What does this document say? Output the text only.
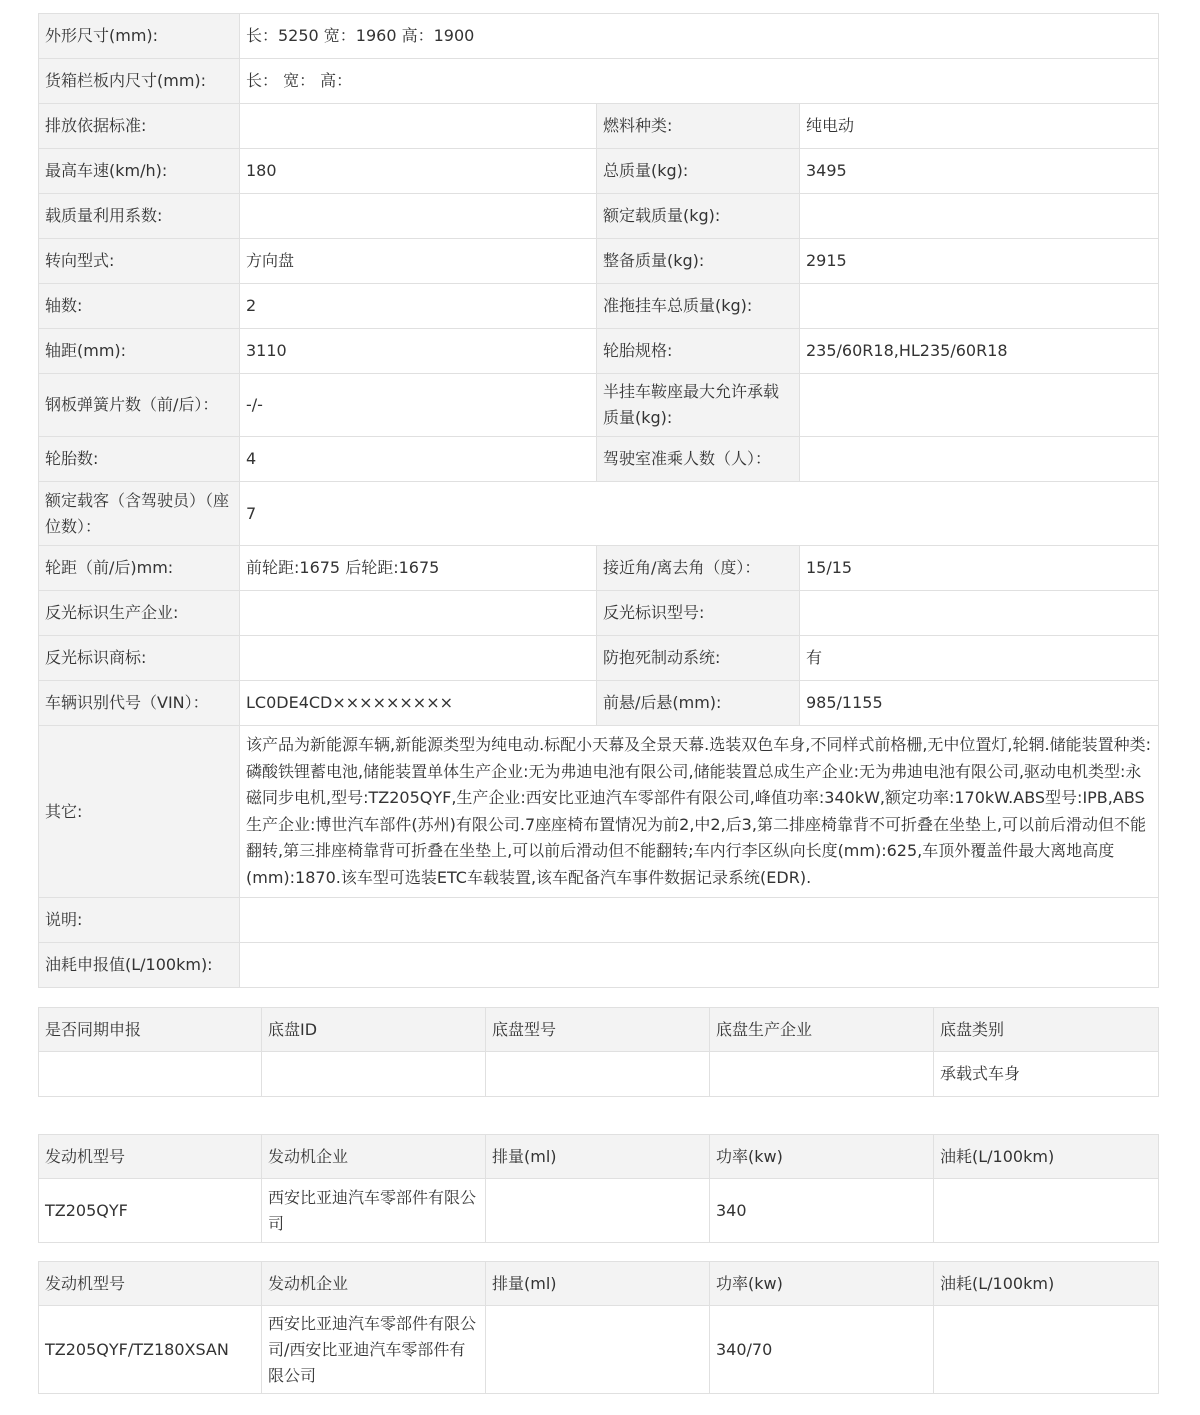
外形尺寸(mm):	长：5250 宽：1960 高：1900		
货箱栏板内尺寸(mm):	长： 宽： 高：		
排放依据标准:		燃料种类:	纯电动
最高车速(km/h):	180	总质量(kg):	3495
载质量利用系数:		额定载质量(kg):	
转向型式:	方向盘	整备质量(kg):	2915
轴数:	2	准拖挂车总质量(kg):	
轴距(mm):	3110	轮胎规格:	235/60R18,HL235/60R18
钢板弹簧片数（前/后）：	-/-	半挂车鞍座最大允许承载质量(kg):	
轮胎数:	4	驾驶室准乘人数（人）：	
额定载客（含驾驶员）（座位数）：	7		
轮距（前/后)mm:	前轮距:1675 后轮距:1675	接近角/离去角（度）：	15/15
反光标识生产企业:		反光标识型号:	
反光标识商标:		防抱死制动系统:	有
车辆识别代号（VIN）：	LC0DE4CD×××××××××	前悬/后悬(mm):	985/1155
其它:	该产品为新能源车辆,新能源类型为纯电动.标配小天幕及全景天幕.选装双色车身,不同样式前格栅,无中位置灯,轮辋.储能装置种类:磷酸铁锂蓄电池,储能装置单体生产企业:无为弗迪电池有限公司,储能装置总成生产企业:无为弗迪电池有限公司,驱动电机类型:永磁同步电机,型号:TZ205QYF,生产企业:西安比亚迪汽车零部件有限公司,峰值功率:340kW,额定功率:170kW.ABS型号:IPB,ABS生产企业:博世汽车部件(苏州)有限公司.7座座椅布置情况为前2,中2,后3,第二排座椅靠背不可折叠在坐垫上,可以前后滑动但不能翻转,第三排座椅靠背可折叠在坐垫上,可以前后滑动但不能翻转;车内行李区纵向长度(mm):625,车顶外覆盖件最大离地高度(mm):1870.该车型可选装ETC车载装置,该车配备汽车事件数据记录系统(EDR).		
说明:			
油耗申报值(L/100km):			
是否同期申报	底盘ID	底盘型号	底盘生产企业	底盘类别
				承载式车身
发动机型号	发动机企业	排量(ml)	功率(kw)	油耗(L/100km)
TZ205QYF	西安比亚迪汽车零部件有限公司		340	
发动机型号	发动机企业	排量(ml)	功率(kw)	油耗(L/100km)
TZ205QYF/TZ180XSAN	西安比亚迪汽车零部件有限公司/西安比亚迪汽车零部件有限公司		340/70	
